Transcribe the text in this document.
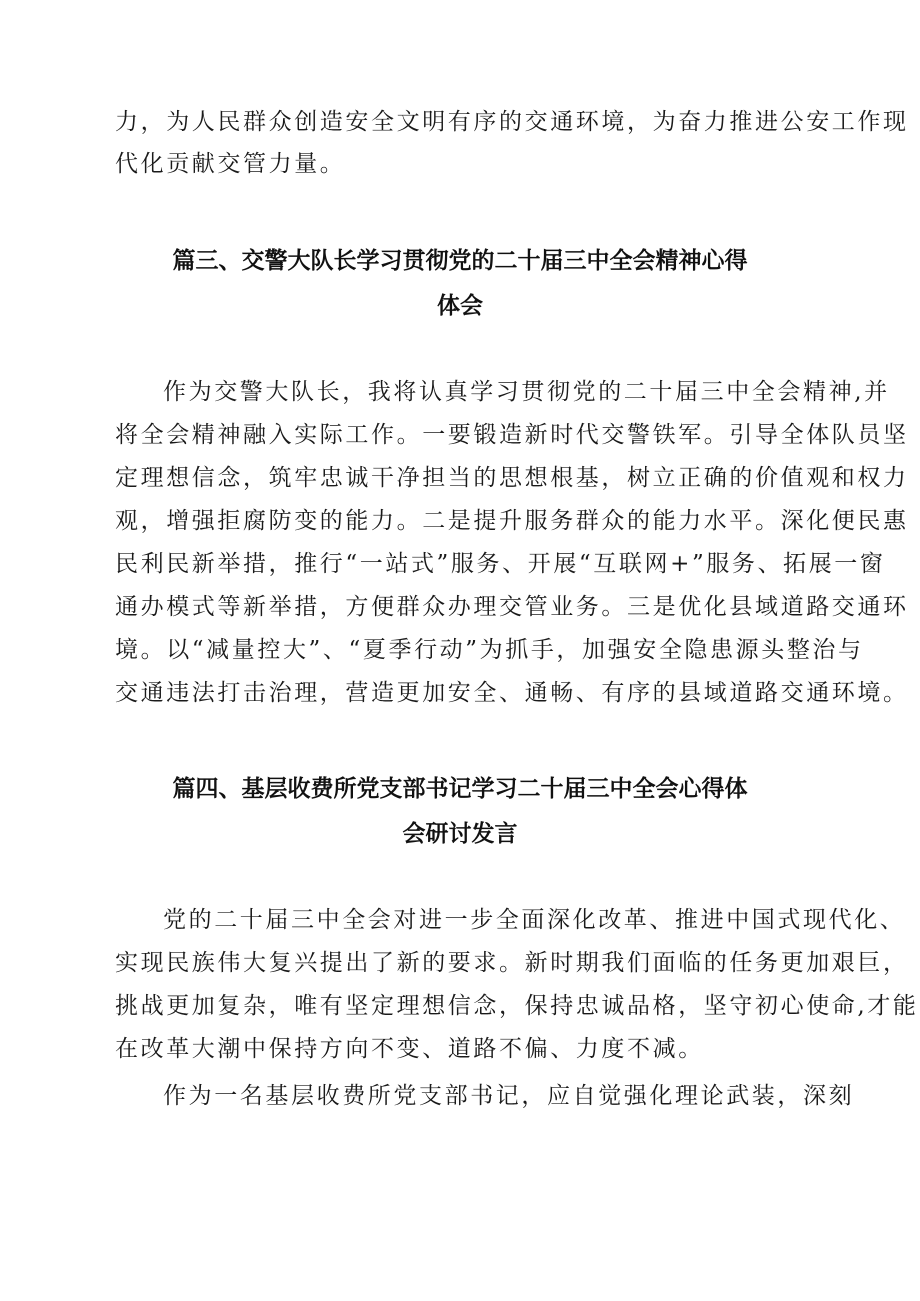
力，为人民群众创造安全文明有序的交通环境，为奋力推进公安工作现

代化贡献交管力量。

篇三、交警大队长学习贯彻党的二十届三中全会精神心得
体会

作为交警大队长，我将认真学习贯彻党的二十届三中全会精神,并

将全会精神融入实际工作。一要锻造新时代交警铁军。引导全体队员坚

定理想信念，筑牢忠诚干净担当的思想根基，树立正确的价值观和权力

观，增强拒腐防变的能力。二是提升服务群众的能力水平。深化便民惠

民利民新举措，推行“一站式”服务、开展“互联网+”服务、拓展一窗

通办模式等新举措，方便群众办理交管业务。三是优化县域道路交通环

境。以“减量控大”、“夏季行动”为抓手，加强安全隐患源头整治与

交通违法打击治理，营造更加安全、通畅、有序的县域道路交通环境。

篇四、基层收费所党支部书记学习二十届三中全会心得体
会研讨发言

党的二十届三中全会对进一步全面深化改革、推进中国式现代化、

实现民族伟大复兴提出了新的要求。新时期我们面临的任务更加艰巨，

挑战更加复杂，唯有坚定理想信念，保持忠诚品格，坚守初心使命,才能

在改革大潮中保持方向不变、道路不偏、力度不减。

作为一名基层收费所党支部书记，应自觉强化理论武装，深刻
